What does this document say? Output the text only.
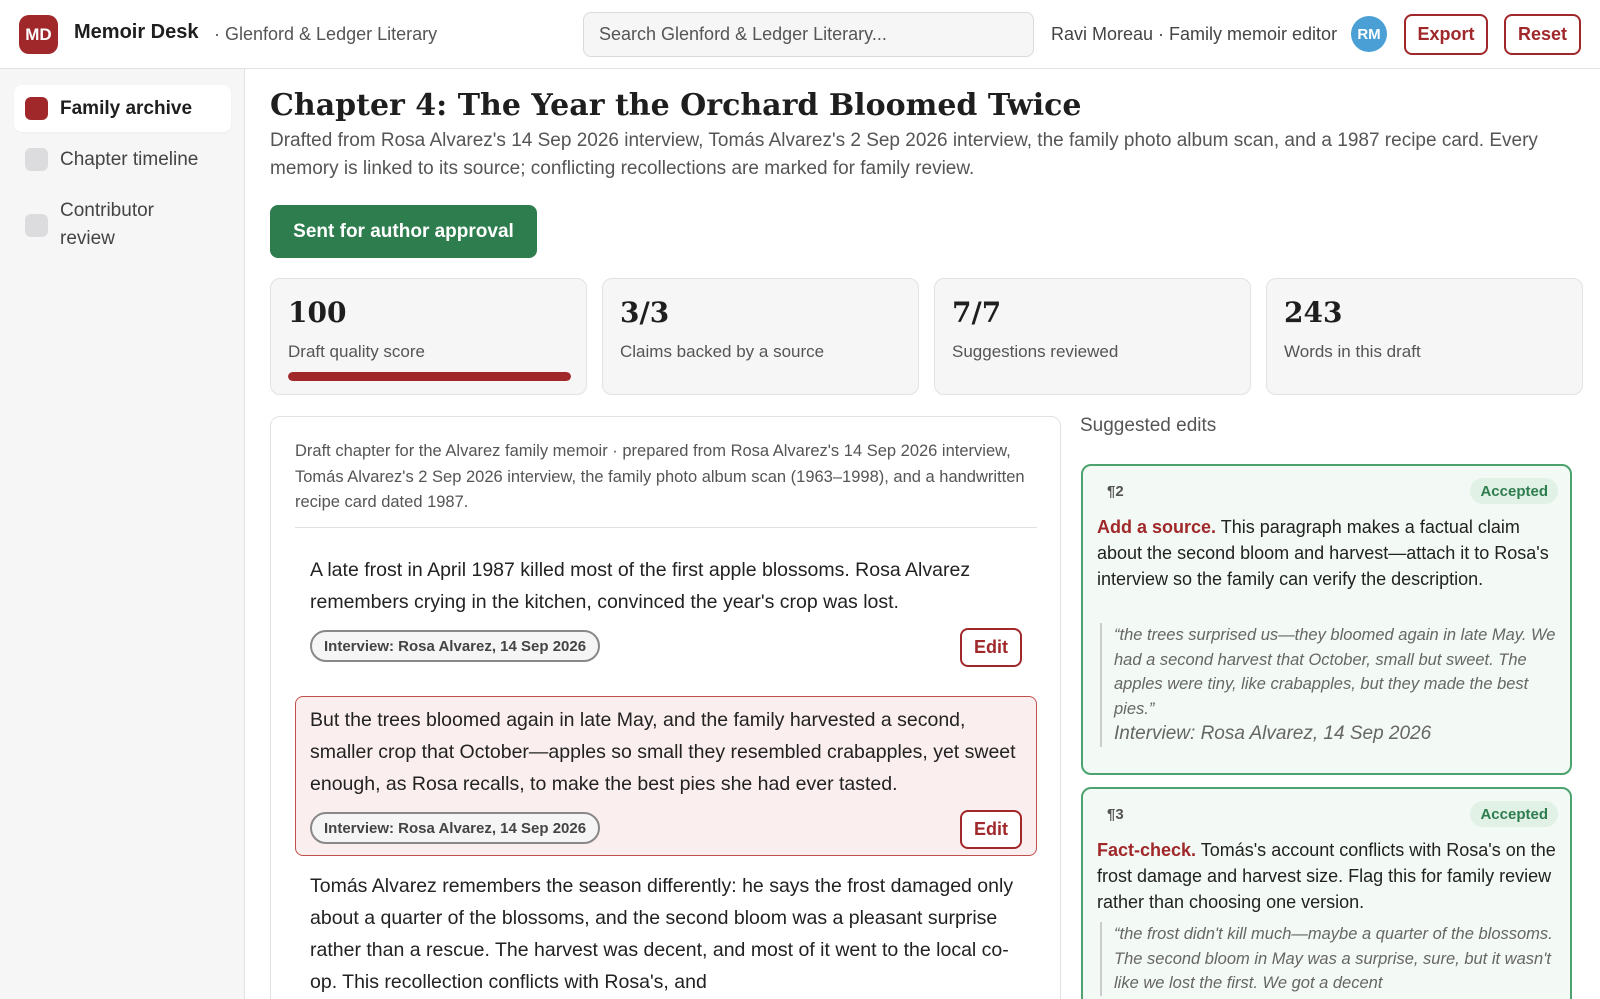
MD	Memoir Desk · Glenford & Ledger Literary
Search Glenford & Ledger Literary...	Ravi Moreau · Family memoir editor	RM	Export	Reset
Family archive
Chapter timeline
Contributor review
Chapter 4: The Year the Orchard Bloomed Twice

Drafted from Rosa Alvarez's 14 Sep 2026 interview, Tomás Alvarez's 2 Sep 2026 interview, the family photo album scan, and a 1987 recipe card. Every memory is linked to its source; conflicting recollections are marked for family review.

Sent for author approval
100
Draft quality score
3/3
Claims backed by a source
7/7
Suggestions reviewed
243
Words in this draft

Draft chapter for the Alvarez family memoir · prepared from Rosa Alvarez's 14 Sep 2026 interview, Tomás Alvarez's 2 Sep 2026 interview, the family photo album scan (1963–1998), and a handwritten recipe card dated 1987.

A late frost in April 1987 killed most of the first apple blossoms. Rosa Alvarez remembers crying in the kitchen, convinced the year's crop was lost.

Interview: Rosa Alvarez, 14 Sep 2026	Edit

But the trees bloomed again in late May, and the family harvested a second, smaller crop that October—apples so small they resembled crabapples, yet sweet enough, as Rosa recalls, to make the best pies she had ever tasted.

Interview: Rosa Alvarez, 14 Sep 2026	Edit

Tomás Alvarez remembers the season differently: he says the frost damaged only about a quarter of the blossoms, and the second bloom was a pleasant surprise rather than a rescue. The harvest was decent, and most of it went to the local co-op. This recollection conflicts with Rosa's, and

Suggested edits
¶2	Accepted

Add a source. This paragraph makes a factual claim about the second bloom and harvest—attach it to Rosa's interview so the family can verify the description.

“the trees surprised us—they bloomed again in late May. We had a second harvest that October, small but sweet. The apples were tiny, like crabapples, but they made the best pies.”
Interview: Rosa Alvarez, 14 Sep 2026
¶3	Accepted

Fact-check. Tomás's account conflicts with Rosa's on the frost damage and harvest size. Flag this for family review rather than choosing one version.

“the frost didn't kill much—maybe a quarter of the blossoms. The second bloom in May was a surprise, sure, but it wasn't like we lost the first. We got a decent
